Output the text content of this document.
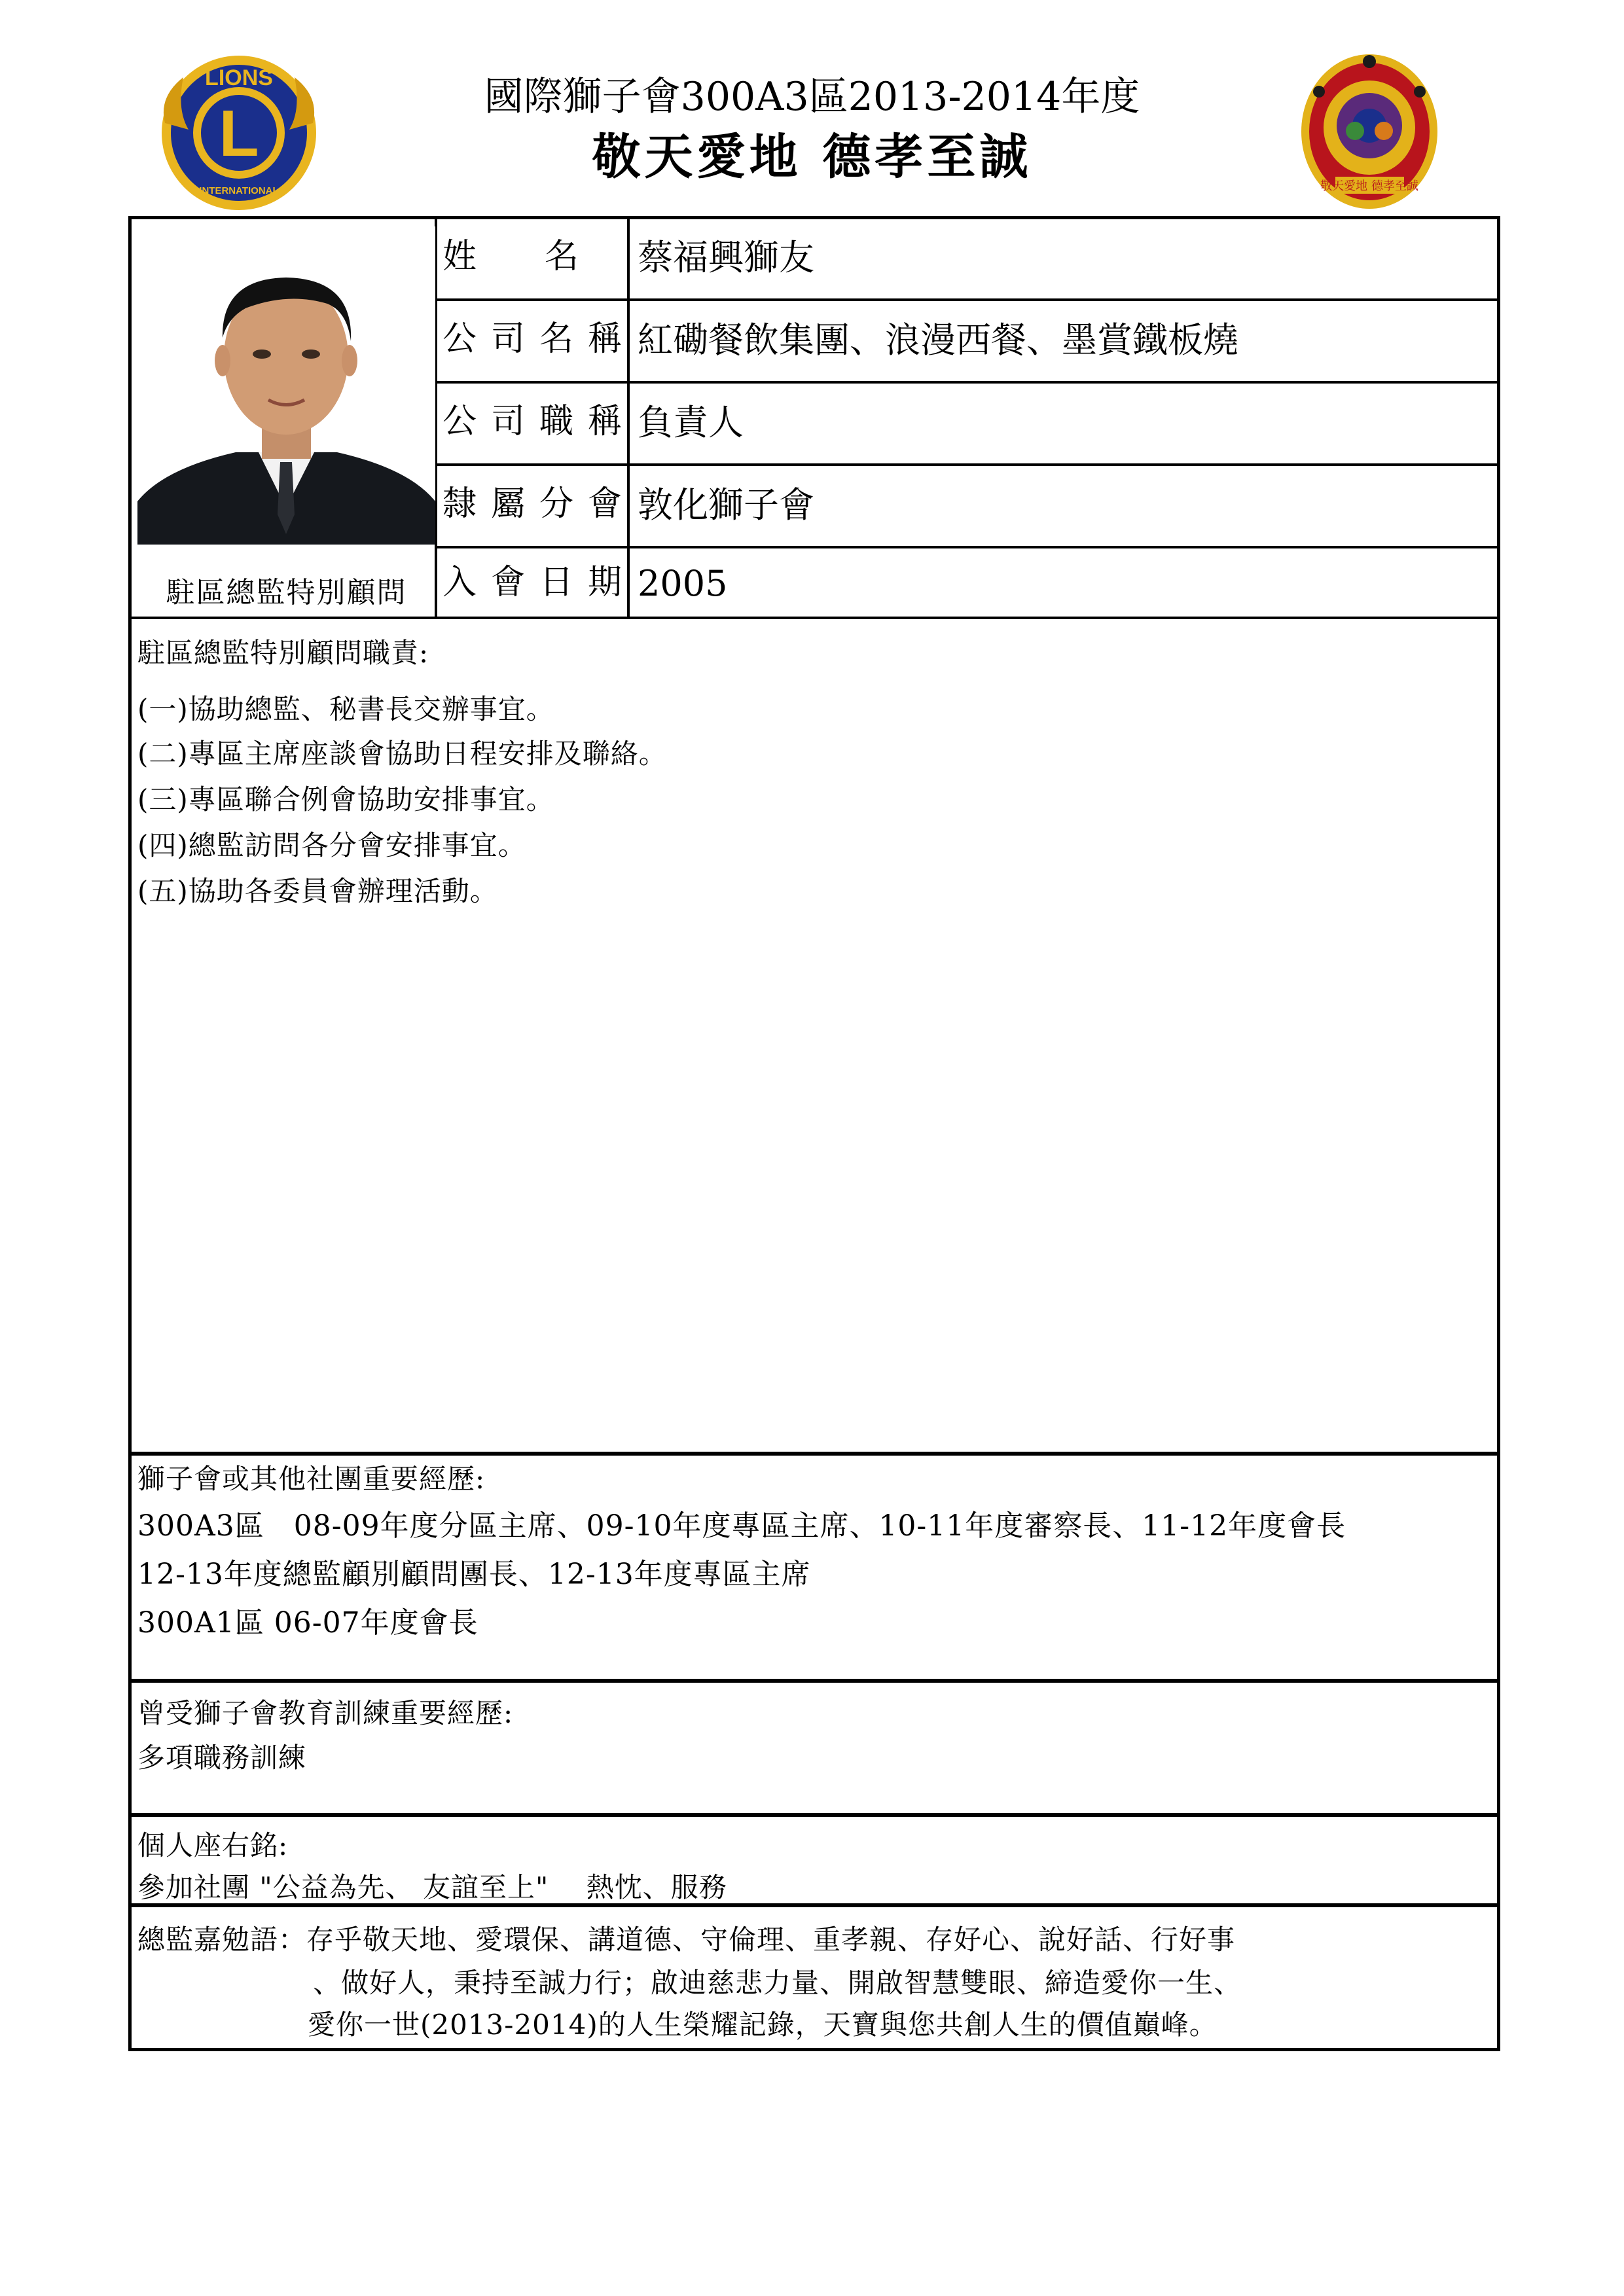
L
LIONS
INTERNATIONAL	敬天愛地 德孝至誠
國際獅子會300A3區2013-2014年度
敬天愛地 德孝至誠
駐區總監特別顧問
姓　　名 蔡福興獅友
公司名稱 紅磡餐飲集團、浪漫西餐、墨賞鐵板燒
公司職稱 負責人
隸屬分會 敦化獅子會
入會日期 2005
駐區總監特別顧問職責:
(一)協助總監、秘書長交辦事宜。
(二)專區主席座談會協助日程安排及聯絡。
(三)專區聯合例會協助安排事宜。
(四)總監訪問各分會安排事宜。
(五)協助各委員會辦理活動。
獅子會或其他社團重要經歷:
300A3區　08-09年度分區主席、09-10年度專區主席、10-11年度審察長、11-12年度會長
12-13年度總監顧別顧問團長、12-13年度專區主席
300A1區 06-07年度會長
曾受獅子會教育訓練重要經歷:
多項職務訓練
個人座右銘:
參加社團 "公益為先、 友誼至上"　 熱忱、服務
總監嘉勉語：存乎敬天地、愛環保、講道德、守倫理、重孝親、存好心、說好話、行好事
、做好人，秉持至誠力行；啟迪慈悲力量、開啟智慧雙眼、締造愛你一生、
愛你一世(2013-2014)的人生榮耀記錄，天寶與您共創人生的價值巔峰。
